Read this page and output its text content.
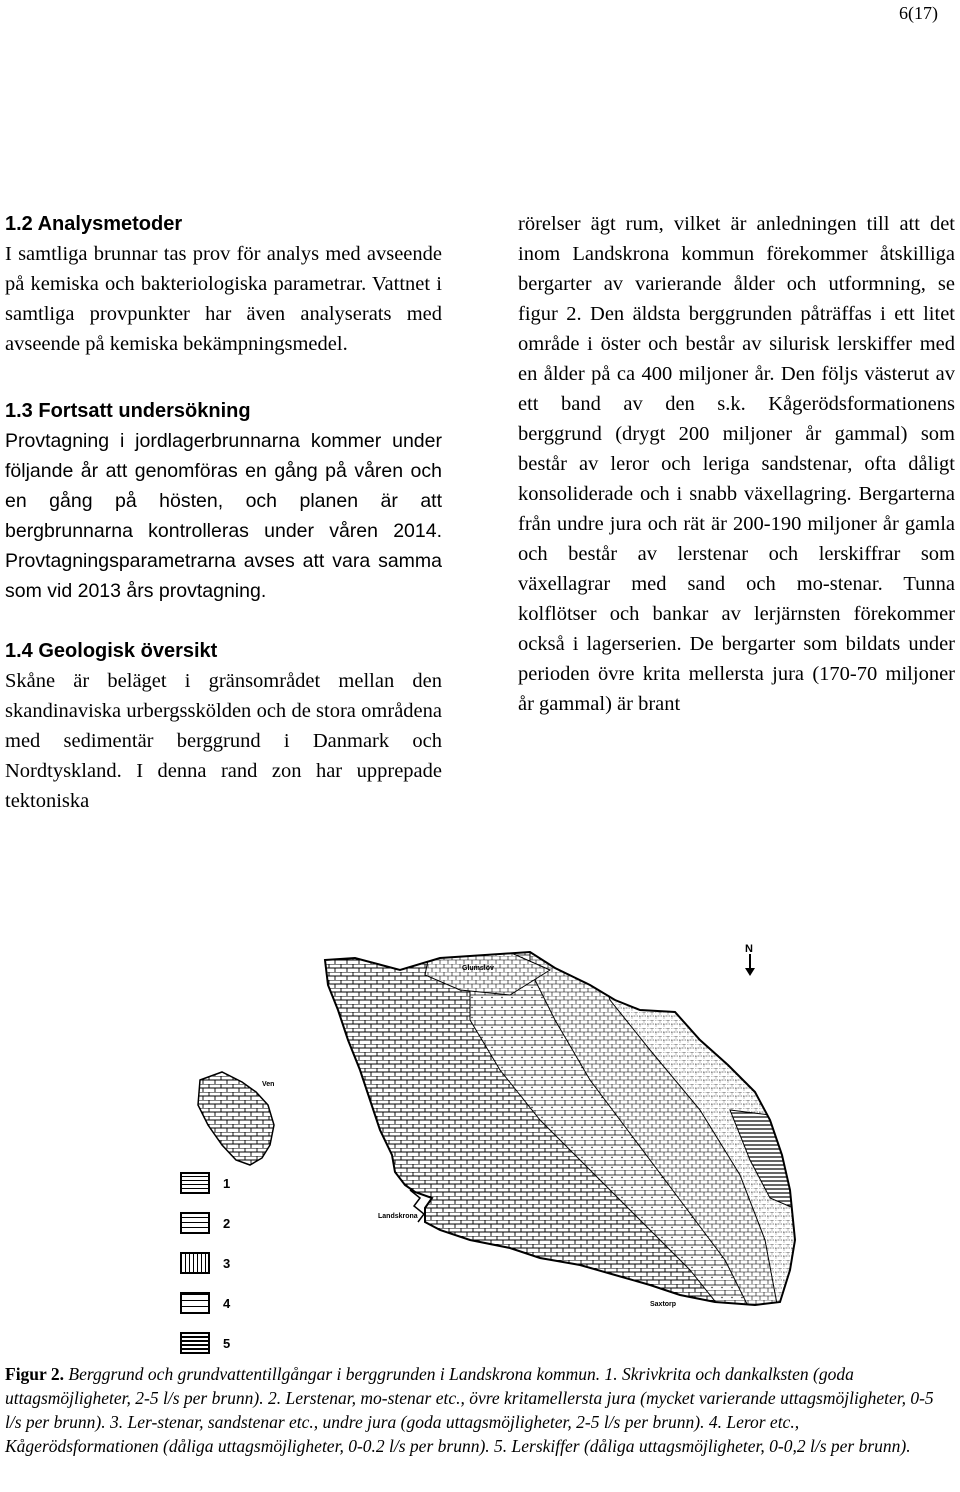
6(17)
1.2 Analysmetoder

I samtliga brunnar tas prov för analys med avseende på kemiska och bakteriologiska parametrar. Vattnet i samtliga provpunkter har även analyserats med avseende på kemiska bekämpningsmedel.

1.3 Fortsatt undersökning

Provtagning i jordlagerbrunnarna kommer under följande år att genomföras en gång på våren och en gång på hösten, och planen är att bergbrunnarna kontrolleras under våren 2014. Provtagningsparametrarna avses att vara samma som vid 2013 års provtagning.

1.4 Geologisk översikt

Skåne är beläget i gränsområdet mellan den skandinaviska urbergsskölden och de stora områdena med sedimentär berggrund i Danmark och Nordtyskland. I denna rand zon har upprepade tektoniska

rörelser ägt rum, vilket är anledningen till att det inom Landskrona kommun förekommer åtskilliga bergarter av varierande ålder och utformning, se figur 2. Den äldsta berggrunden påträffas i ett litet område i öster och består av silurisk lerskiffer med en ålder på ca 400 miljoner år. Den följs västerut av ett band av den s.k. Kågerödsformationens berggrund (drygt 200 miljoner år gammal) som består av leror och leriga sandstenar, ofta dåligt konsoliderade och i snabb växellagring. Bergarterna från undre jura och rät är 200-190 miljoner år gamla och består av lerstenar och lerskiffrar som växellagrar med sand och mo-stenar. Tunna kolflötser och bankar av lerjärnsten förekommer också i lagerserien. De bergarter som bildats under perioden övre krita mellersta jura (170-70 miljoner år gammal) är brant

N
Glumslöv
Ven
Landskrona
Saxtorp
1
2
3
4
5
Figur 2. Berggrund och grundvattentillgångar i berggrunden i Landskrona kommun. 1. Skrivkrita och dankalksten (goda uttagsmöjligheter, 2-5 l/s per brunn). 2. Lerstenar, mo-stenar etc., övre kritamellersta jura (mycket varierande uttagsmöjligheter, 0-5 l/s per brunn). 3. Ler-stenar, sandstenar etc., undre jura (goda uttagsmöjligheter, 2-5 l/s per brunn). 4. Leror etc., Kågerödsformationen (dåliga uttagsmöjligheter, 0-0.2 l/s per brunn). 5. Lerskiffer (dåliga uttagsmöjligheter, 0-0,2 l/s per brunn).
